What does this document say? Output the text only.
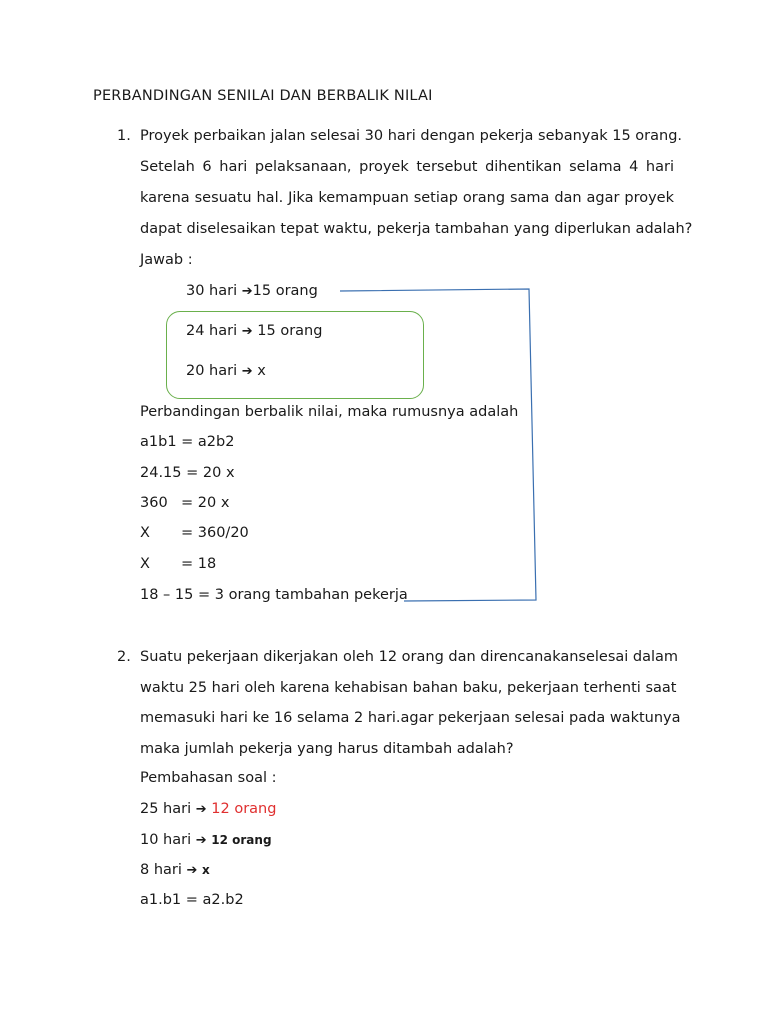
PERBANDINGAN SENILAI DAN BERBALIK NILAI
1. Proyek perbaikan jalan selesai 30 hari dengan pekerja sebanyak 15 orang.
Setelah 6 hari pelaksanaan, proyek tersebut dihentikan selama 4 hari
karena sesuatu hal. Jika kemampuan setiap orang sama dan agar proyek
dapat diselesaikan tepat waktu, pekerja tambahan yang diperlukan adalah?
Jawab :
30 hari ➔15 orang
24 hari ➔ 15 orang
20 hari ➔ x
Perbandingan berbalik nilai, maka rumusnya adalah
a1b1 = a2b2
24.15 = 20 x
360 = 20 x
X = 360/20
X = 18
18 – 15 = 3 orang tambahan pekerja
2. Suatu pekerjaan dikerjakan oleh 12 orang dan direncanakanselesai dalam
waktu 25 hari oleh karena kehabisan bahan baku, pekerjaan terhenti saat
memasuki hari ke 16 selama 2 hari.agar pekerjaan selesai pada waktunya
maka jumlah pekerja yang harus ditambah adalah?
Pembahasan soal :
25 hari ➔ 12 orang
10 hari ➔ 12 orang
8 hari ➔ x
a1.b1 = a2.b2
